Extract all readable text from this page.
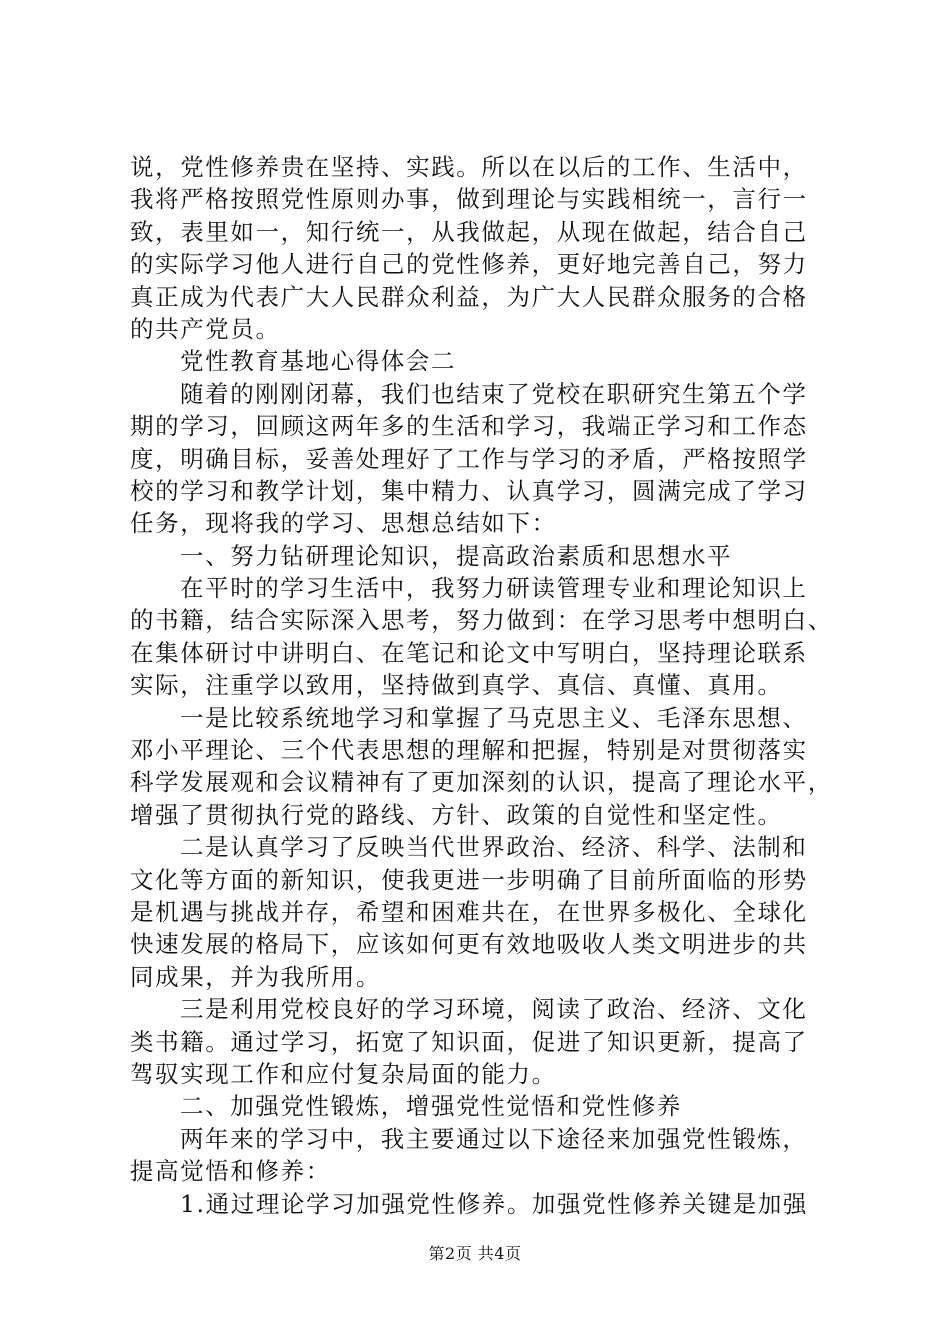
说，党性修养贵在坚持、实践。所以在以后的工作、生活中，
我将严格按照党性原则办事，做到理论与实践相统一，言行一
致，表里如一，知行统一，从我做起，从现在做起，结合自己
的实际学习他人进行自己的党性修养，更好地完善自己，努力
真正成为代表广大人民群众利益，为广大人民群众服务的合格
的共产党员。
党性教育基地心得体会二
随着的刚刚闭幕，我们也结束了党校在职研究生第五个学
期的学习，回顾这两年多的生活和学习，我端正学习和工作态
度，明确目标，妥善处理好了工作与学习的矛盾，严格按照学
校的学习和教学计划，集中精力、认真学习，圆满完成了学习
任务，现将我的学习、思想总结如下：
一、努力钻研理论知识，提高政治素质和思想水平
在平时的学习生活中，我努力研读管理专业和理论知识上
的书籍，结合实际深入思考，努力做到：在学习思考中想明白、
在集体研讨中讲明白、在笔记和论文中写明白，坚持理论联系
实际，注重学以致用，坚持做到真学、真信、真懂、真用。
一是比较系统地学习和掌握了马克思主义、毛泽东思想、
邓小平理论、三个代表思想的理解和把握，特别是对贯彻落实
科学发展观和会议精神有了更加深刻的认识，提高了理论水平，
增强了贯彻执行党的路线、方针、政策的自觉性和坚定性。
二是认真学习了反映当代世界政治、经济、科学、法制和
文化等方面的新知识，使我更进一步明确了目前所面临的形势
是机遇与挑战并存，希望和困难共在，在世界多极化、全球化
快速发展的格局下，应该如何更有效地吸收人类文明进步的共
同成果，并为我所用。
三是利用党校良好的学习环境，阅读了政治、经济、文化
类书籍。通过学习，拓宽了知识面，促进了知识更新，提高了
驾驭实现工作和应付复杂局面的能力。
二、加强党性锻炼，增强党性觉悟和党性修养
两年来的学习中，我主要通过以下途径来加强党性锻炼，
提高觉悟和修养：
1.通过理论学习加强党性修养。加强党性修养关键是加强
第2页 共4页
